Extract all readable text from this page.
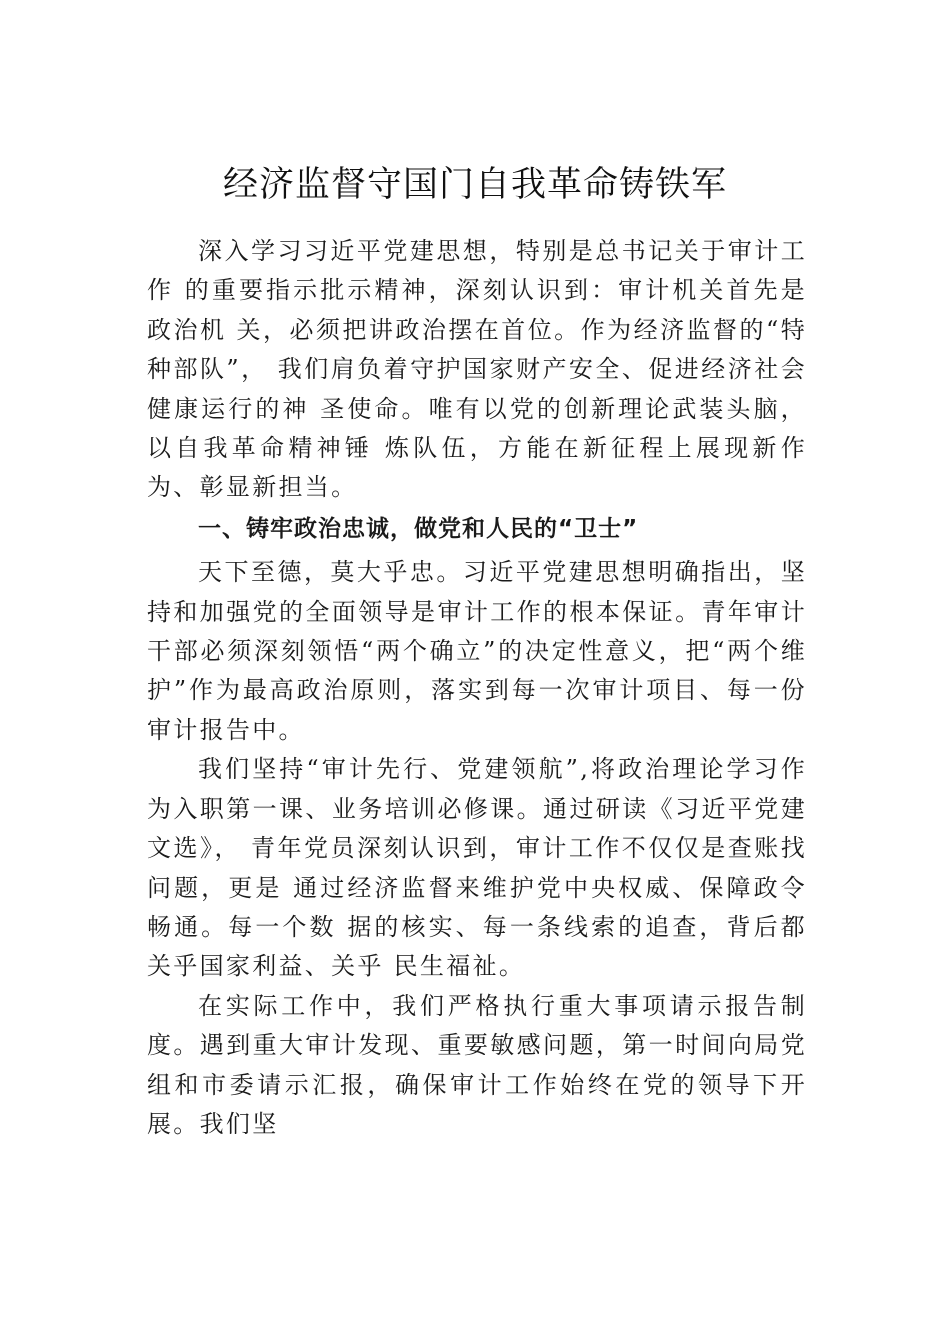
经济监督守国门自我革命铸铁军

深入学习习近平党建思想，特别是总书记关于审计工作 的重要指示批示精神，深刻认识到：审计机关首先是政治机 关，必须把讲政治摆在首位。作为经济监督的“特种部队”， 我们肩负着守护国家财产安全、促进经济社会健康运行的神 圣使命。唯有以党的创新理论武装头脑，以自我革命精神锤 炼队伍，方能在新征程上展现新作为、彰显新担当。

一、铸牢政治忠诚，做党和人民的“卫士”

天下至德，莫大乎忠。习近平党建思想明确指出，坚持和加强党的全面领导是审计工作的根本保证。青年审计干部必须深刻领悟“两个确立”的决定性意义，把“两个维护”作为最高政治原则，落实到每一次审计项目、每一份审计报告中。

我们坚持“审计先行、党建领航”,将政治理论学习作为入职第一课、业务培训必修课。通过研读《习近平党建文选》， 青年党员深刻认识到，审计工作不仅仅是查账找问题，更是 通过经济监督来维护党中央权威、保障政令畅通。每一个数 据的核实、每一条线索的追查，背后都关乎国家利益、关乎 民生福祉。

在实际工作中，我们严格执行重大事项请示报告制度。遇到重大审计发现、重要敏感问题，第一时间向局党组和市委请示汇报，确保审计工作始终在党的领导下开展。我们坚
